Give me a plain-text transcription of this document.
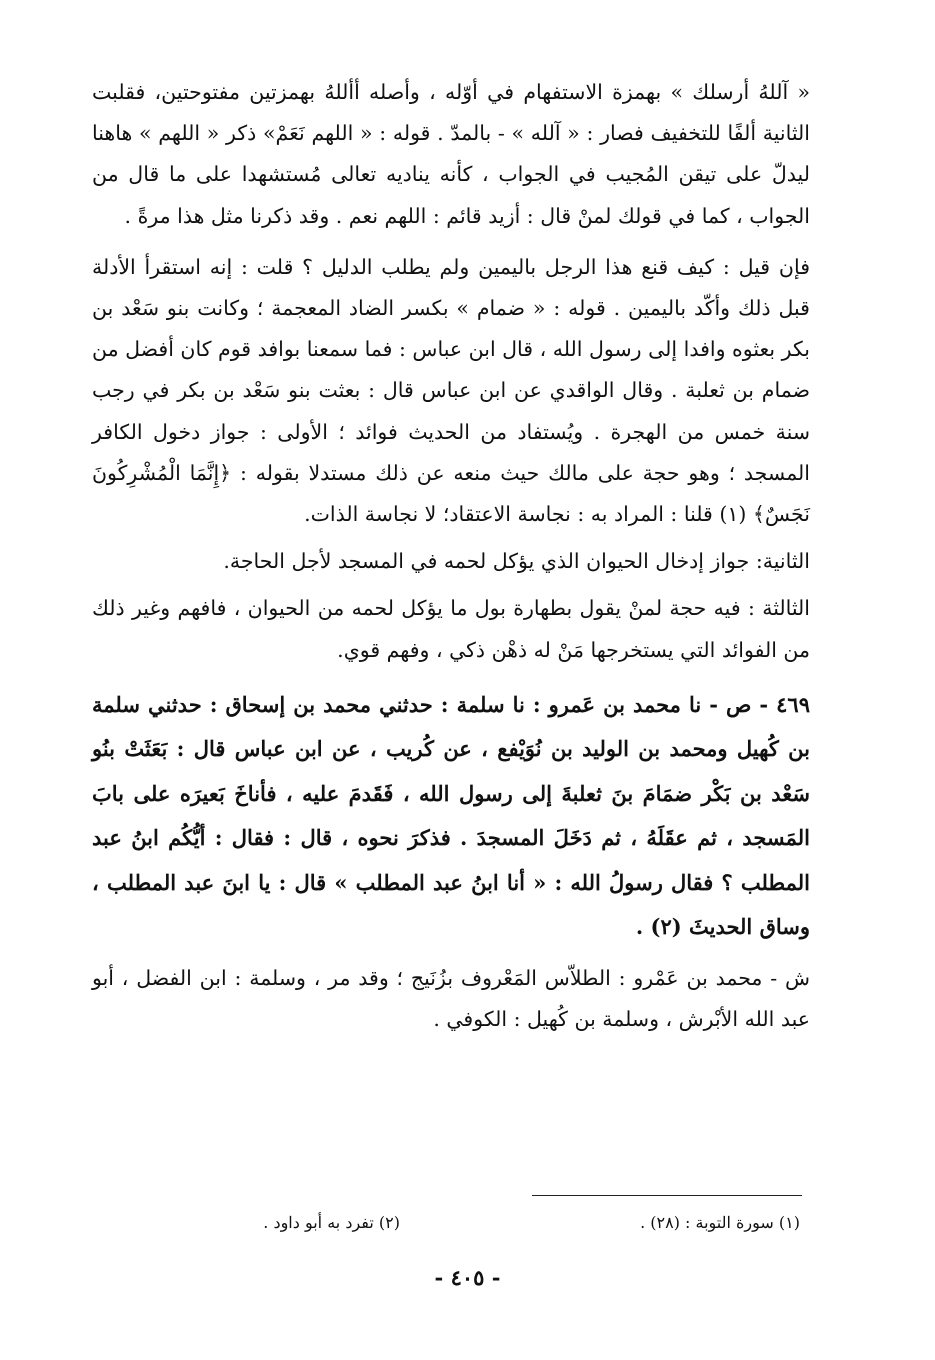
« آللهُ أرسلك » بهمزة الاستفهام في أوّله ، وأصله أأللهُ بهمزتين مفتوحتين، فقلبت الثانية ألفًا للتخفيف فصار : « آلله » - بالمدّ . قوله : « اللهم نَعَمْ» ذكر « اللهم » هاهنا ليدلّ على تيقن المُجيب في الجواب ، كأنه يناديه تعالى مُستشهدا على ما قال من الجواب ، كما في قولك لمنْ قال : أزيد قائم : اللهم نعم . وقد ذكرنا مثل هذا مرةً .

فإن قيل : كيف قنع هذا الرجل باليمين ولم يطلب الدليل ؟ قلت : إنه استقرأ الأدلة قبل ذلك وأكّد باليمين . قوله : « ضمام » بكسر الضاد المعجمة ؛ وكانت بنو سَعْد بن بكر بعثوه وافدا إلى رسول الله ، قال ابن عباس : فما سمعنا بوافد قوم كان أفضل من ضمام بن ثعلبة . وقال الواقدي عن ابن عباس قال : بعثت بنو سَعْد بن بكر في رجب سنة خمس من الهجرة . ويُستفاد من الحديث فوائد ؛ الأولى : جواز دخول الكافر المسجد ؛ وهو حجة على مالك حيث منعه عن ذلك مستدلا بقوله : ﴿إِنَّمَا الْمُشْرِكُونَ نَجَسٌ﴾ (١) قلنا : المراد به : نجاسة الاعتقاد؛ لا نجاسة الذات.

الثانية: جواز إدخال الحيوان الذي يؤكل لحمه في المسجد لأجل الحاجة.

الثالثة : فيه حجة لمنْ يقول بطهارة بول ما يؤكل لحمه من الحيوان ، فافهم وغير ذلك من الفوائد التي يستخرجها مَنْ له ذهْن ذكي ، وفهم قوي.

٤٦٩ - ص - نا محمد بن عَمرو : نا سلمة : حدثني محمد بن إسحاق : حدثني سلمة بن كُهيل ومحمد بن الوليد بن نُوَيْفع ، عن كُريب ، عن ابن عباس قال : بَعَثَتْ بنُو سَعْد بن بَكْر ضمَامَ بنَ ثعلبةَ إلى رسول الله ، فَقَدمَ عليه ، فأناخَ بَعيرَه على بابَ المَسجد ، ثم عقَلَهُ ، ثم دَخَلَ المسجدَ . فذكرَ نحوه ، قال : فقال : أيُّكُم ابنُ عبد المطلب ؟ فقال رسولُ الله : « أنا ابنُ عبد المطلب » قال : يا ابنَ عبد المطلب ، وساق الحديثَ (٢) .

ش - محمد بن عَمْرو : الطلاّس المَعْروف بزُنَيج ؛ وقد مر ، وسلمة : ابن الفضل ، أبو عبد الله الأبْرش ، وسلمة بن كُهيل : الكوفي .

(١) سورة التوبة : (٢٨) .
(٢) تفرد به أبو داود .
- ٤٠٥ -
